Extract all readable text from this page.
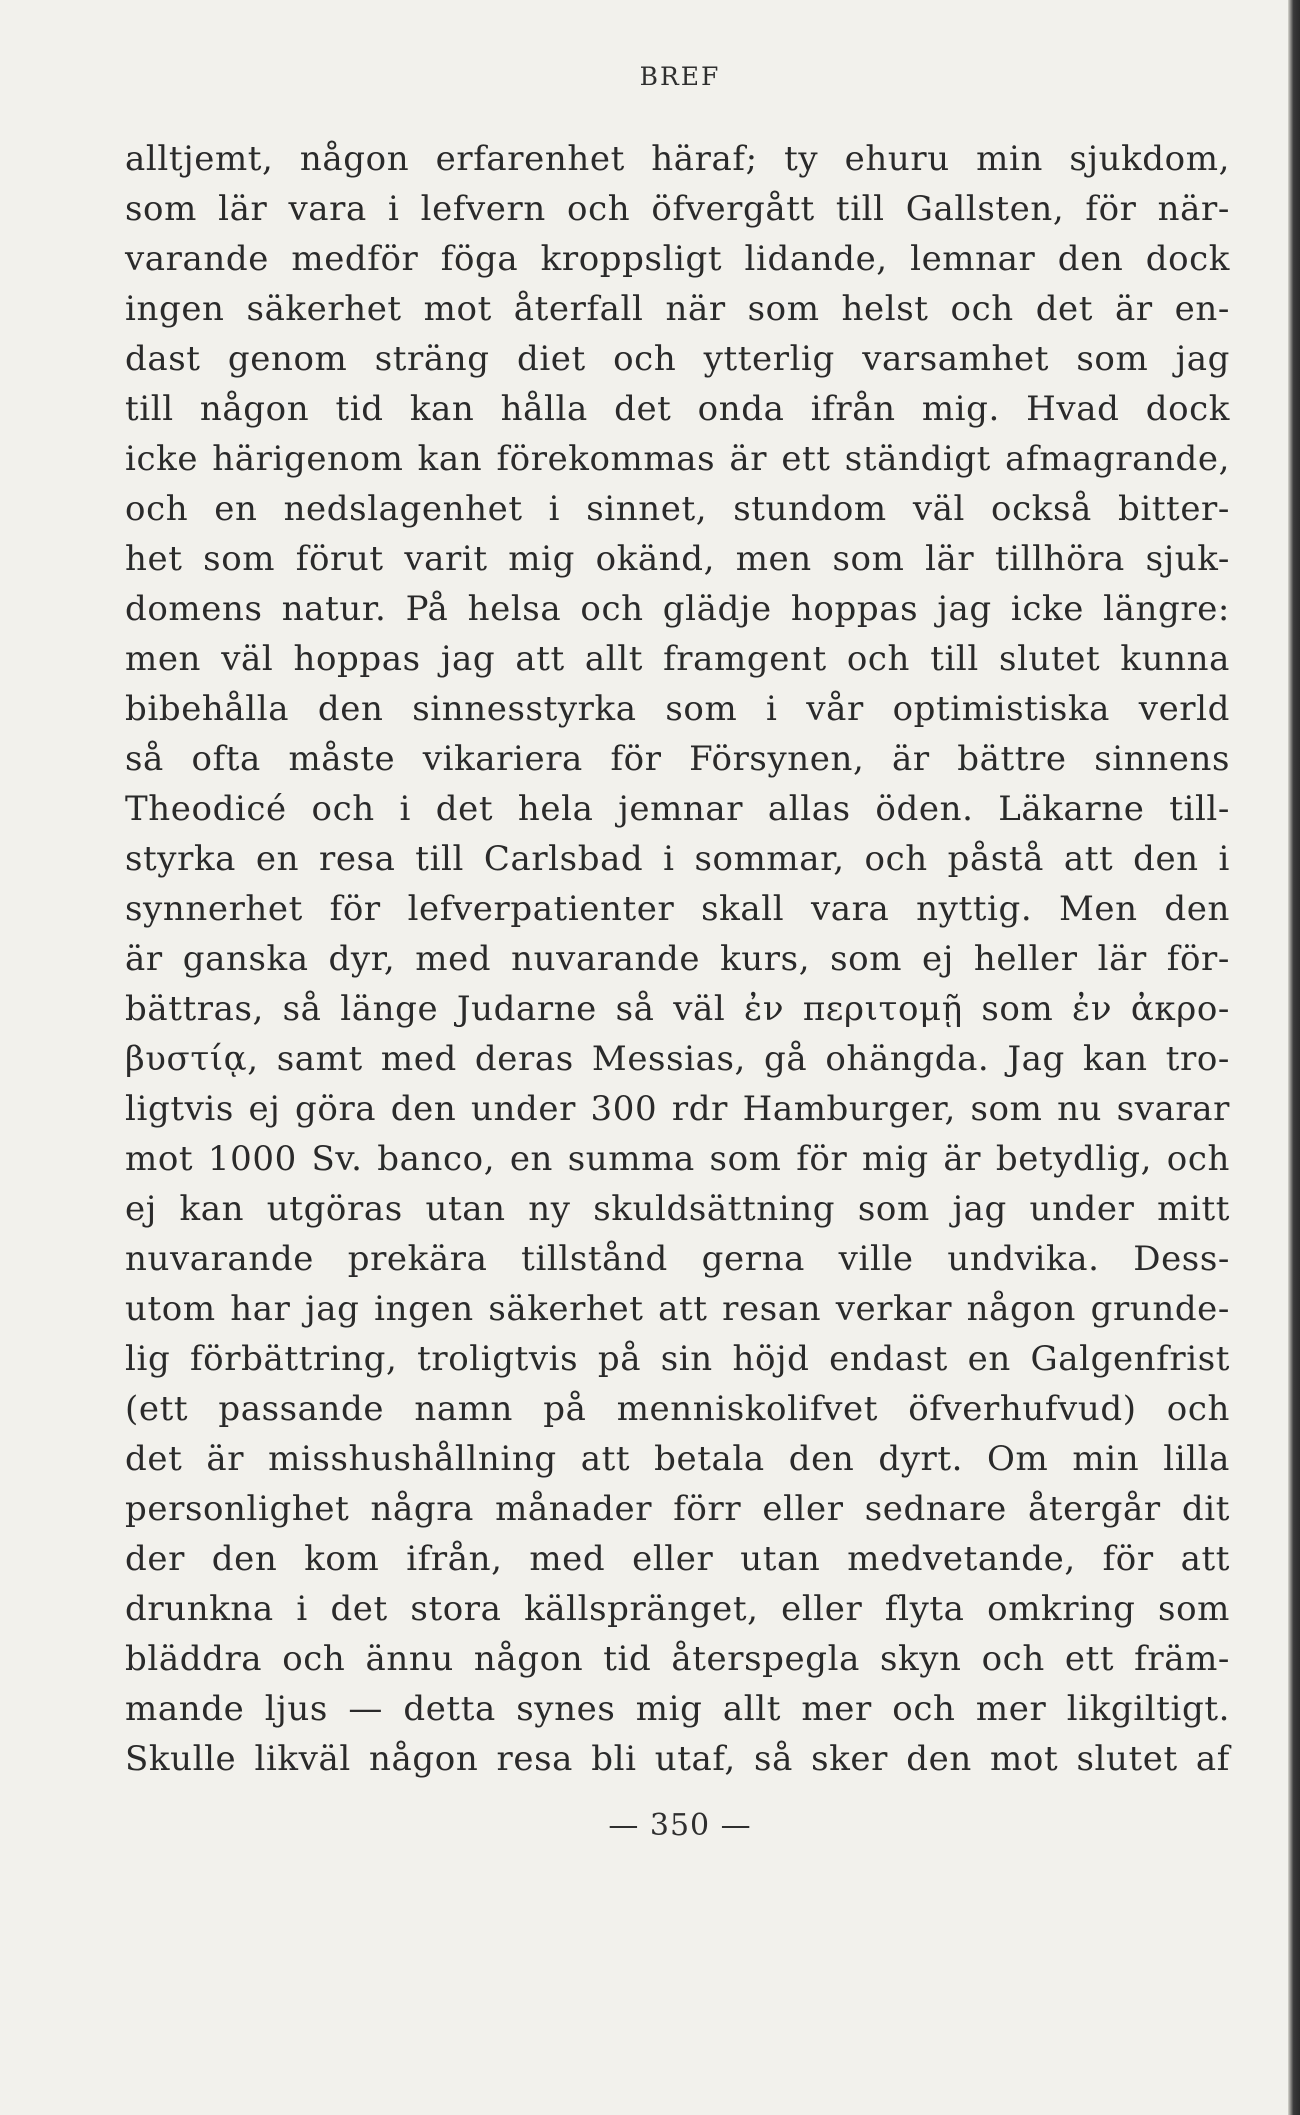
BREF
alltjemt, någon erfarenhet häraf; ty ehuru min sjukdom,
som lär vara i lefvern och öfvergått till Gallsten, för när-
varande medför föga kroppsligt lidande, lemnar den dock
ingen säkerhet mot återfall när som helst och det är en-
dast genom sträng diet och ytterlig varsamhet som jag
till någon tid kan hålla det onda ifrån mig. Hvad dock
icke härigenom kan förekommas är ett ständigt afmagrande,
och en nedslagenhet i sinnet, stundom väl också bitter-
het som förut varit mig okänd, men som lär tillhöra sjuk-
domens natur. På helsa och glädje hoppas jag icke längre:
men väl hoppas jag att allt framgent och till slutet kunna
bibehålla den sinnesstyrka som i vår optimistiska verld
så ofta måste vikariera för Försynen, är bättre sinnens
Theodicé och i det hela jemnar allas öden. Läkarne till-
styrka en resa till Carlsbad i sommar, och påstå att den i
synnerhet för lefverpatienter skall vara nyttig. Men den
är ganska dyr, med nuvarande kurs, som ej heller lär för-
bättras, så länge Judarne så väl ἐν περιτομῇ som ἐν ἀκρο-
βυστίᾳ, samt med deras Messias, gå ohängda. Jag kan tro-
ligtvis ej göra den under 300 rdr Hamburger, som nu svarar
mot 1000 Sv. banco, en summa som för mig är betydlig, och
ej kan utgöras utan ny skuldsättning som jag under mitt
nuvarande prekära tillstånd gerna ville undvika. Dess-
utom har jag ingen säkerhet att resan verkar någon grunde-
lig förbättring, troligtvis på sin höjd endast en Galgenfrist
(ett passande namn på menniskolifvet öfverhufvud) och
det är misshushållning att betala den dyrt. Om min lilla
personlighet några månader förr eller sednare återgår dit
der den kom ifrån, med eller utan medvetande, för att
drunkna i det stora källspränget, eller flyta omkring som
bläddra och ännu någon tid återspegla skyn och ett främ-
mande ljus — detta synes mig allt mer och mer likgiltigt.
Skulle likväl någon resa bli utaf, så sker den mot slutet af
— 350 —
